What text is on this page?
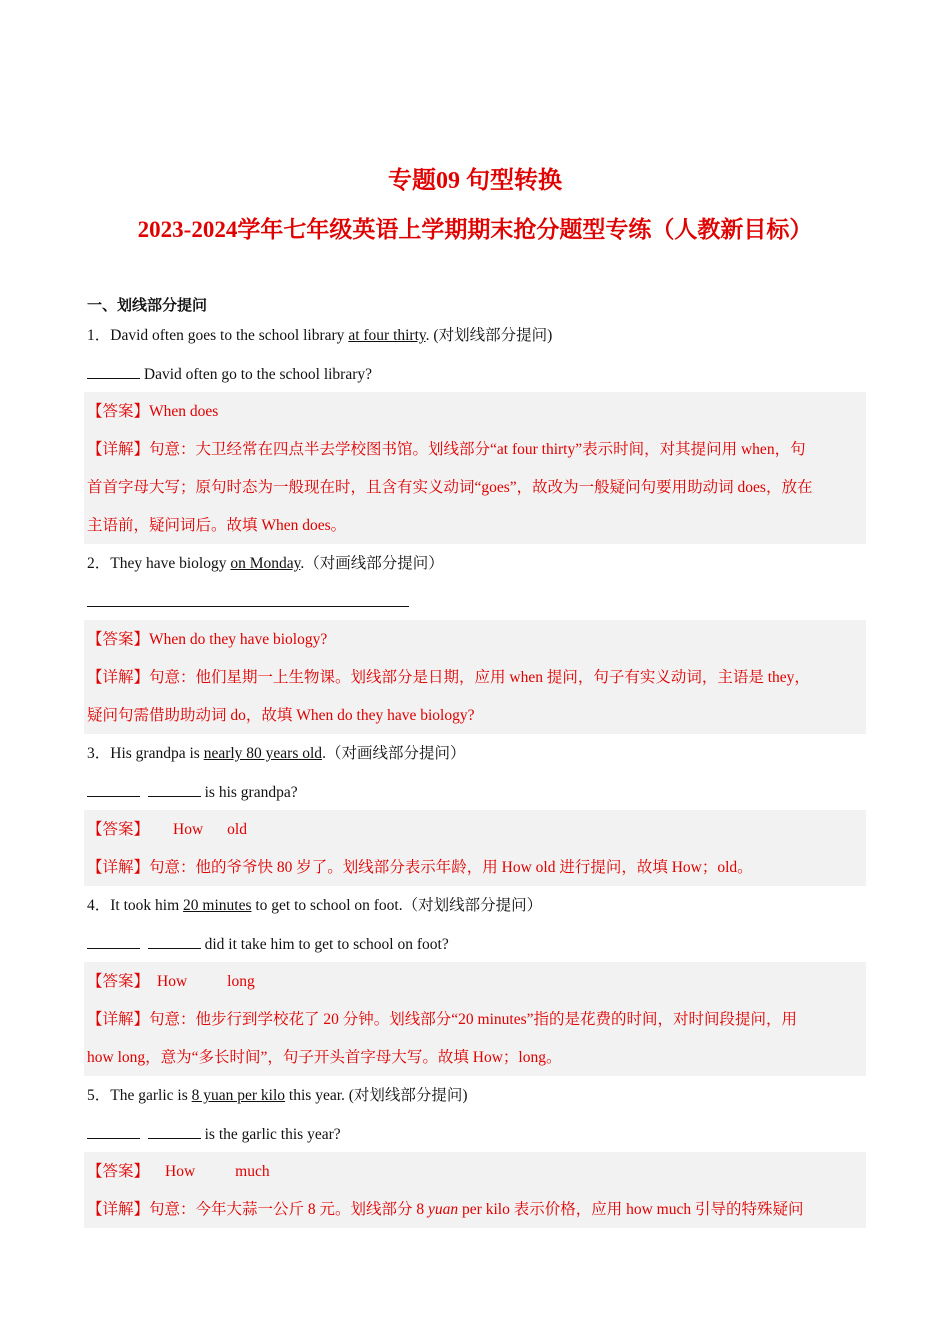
专题09 句型转换
2023-2024学年七年级英语上学期期末抢分题型专练（人教新目标）
一、划线部分提问
1．David often goes to the school library at four thirty. (对划线部分提问)
David often go to the school library?
【答案】When does
【详解】句意：大卫经常在四点半去学校图书馆。划线部分“at four thirty”表示时间，对其提问用 when，句
首首字母大写；原句时态为一般现在时，且含有实义动词“goes”，故改为一般疑问句要用助动词 does，放在
主语前，疑问词后。故填 When does。
2．They have biology on Monday.（对画线部分提问）
【答案】When do they have biology?
【详解】句意：他们星期一上生物课。划线部分是日期，应用 when 提问，句子有实义动词，主语是 they，
疑问句需借助助动词 do，故填 When do they have biology?
3．His grandpa is nearly 80 years old.（对画线部分提问）
is his grandpa?
【答案】 How old
【详解】句意：他的爷爷快 80 岁了。划线部分表示年龄，用 How old 进行提问，故填 How；old。
4．It took him 20 minutes to get to school on foot.（对划线部分提问）
did it take him to get to school on foot?
【答案】 How	long
【详解】句意：他步行到学校花了 20 分钟。划线部分“20 minutes”指的是花费的时间，对时间段提问，用
how long，意为“多长时间”，句子开头首字母大写。故填 How；long。
5．The garlic is 8 yuan per kilo this year. (对划线部分提问)
is the garlic this year?
【答案】 How	much
【详解】句意：今年大蒜一公斤 8 元。划线部分 8 yuan per kilo 表示价格，应用 how much 引导的特殊疑问
